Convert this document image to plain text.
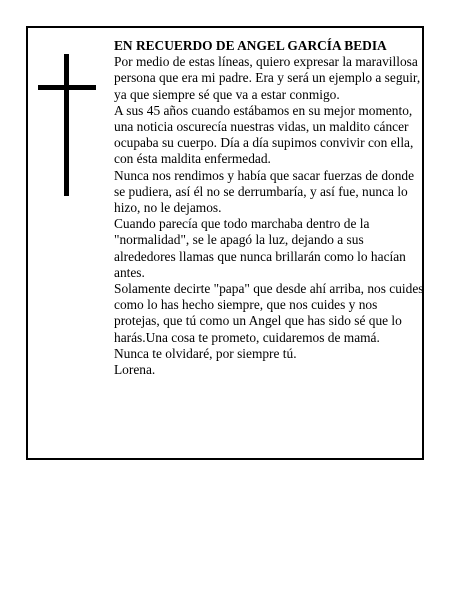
EN RECUERDO DE ANGEL GARCÍA BEDIA

Por medio de estas líneas, quiero expresar la maravillosa persona que era mi padre. Era y será un ejemplo a seguir, ya que siempre sé que va a estar conmigo.

A sus 45 años cuando estábamos en su mejor momento, una noticia oscurecía nuestras vidas, un maldito cáncer ocupaba su cuerpo. Día a día supimos convivir con ella, con ésta maldita enfermedad.

Nunca nos rendimos y había que sacar fuerzas de donde se pudiera, así él no se derrumbaría, y así fue, nunca lo hizo, no le dejamos.

Cuando parecía que todo marchaba dentro de la "normalidad", se le apagó la luz, dejando a sus alrededores llamas que nunca brillarán como lo hacían antes.

Solamente decirte "papa" que desde ahí arriba, nos cuides como lo has hecho siempre, que nos cuides y nos protejas, que tú como un Angel que has sido sé que lo harás.Una cosa te prometo, cuidaremos de mamá.

Nunca te olvidaré, por siempre tú.

Lorena.
